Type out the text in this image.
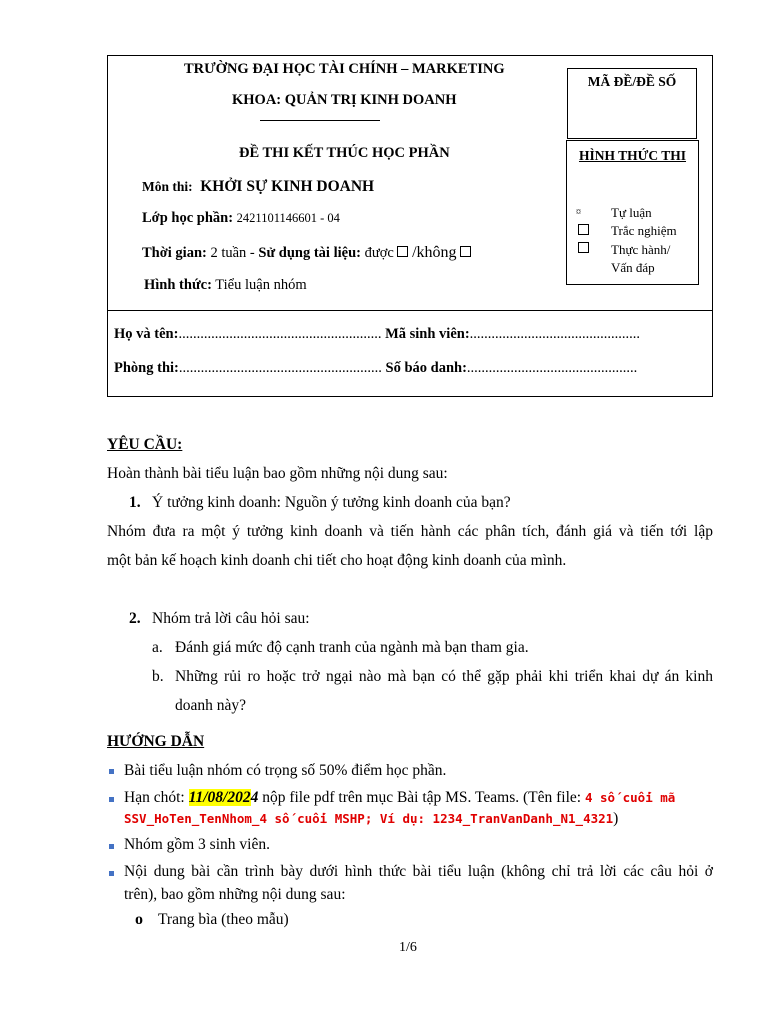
TRƯỜNG ĐẠI HỌC TÀI CHÍNH – MARKETING
KHOA: QUẢN TRỊ KINH DOANH
ĐỀ THI KẾT THÚC HỌC PHẦN
Môn thi: KHỞI SỰ KINH DOANH
Lớp học phần: 2421101146601 - 04
Thời gian: 2 tuần - Sử dụng tài liệu: được /không
Hình thức: Tiểu luận nhóm
MÃ ĐỀ/ĐỀ SỐ
HÌNH THỨC THI
¤ Tự luận
Trắc nghiệm
Thực hành/
Vấn đáp
Họ và tên:........................................................ Mã sinh viên:...............................................
Phòng thi:........................................................ Số báo danh:...............................................
YÊU CẦU:
Hoàn thành bài tiểu luận bao gồm những nội dung sau:
1. Ý tưởng kinh doanh: Nguồn ý tưởng kinh doanh của bạn?
Nhóm đưa ra một ý tưởng kinh doanh và tiến hành các phân tích, đánh giá và tiến tới lập
một bản kế hoạch kinh doanh chi tiết cho hoạt động kinh doanh của mình.
2. Nhóm trả lời câu hỏi sau:
a. Đánh giá mức độ cạnh tranh của ngành mà bạn tham gia.
b. Những rủi ro hoặc trở ngại nào mà bạn có thể gặp phải khi triển khai dự án kinh
doanh này?
HƯỚNG DẪN
Bài tiểu luận nhóm có trọng số 50% điểm học phần.
Hạn chót: 11/08/2024 nộp file pdf trên mục Bài tập MS. Teams. (Tên file: 4 số cuối mã
SSV_HoTen_TenNhom_4 số cuối MSHP; Ví dụ: 1234_TranVanDanh_N1_4321)
Nhóm gồm 3 sinh viên.
Nội dung bài cần trình bày dưới hình thức bài tiểu luận (không chỉ trả lời các câu hỏi ở
trên), bao gồm những nội dung sau:
o Trang bìa (theo mẫu)
1/6
